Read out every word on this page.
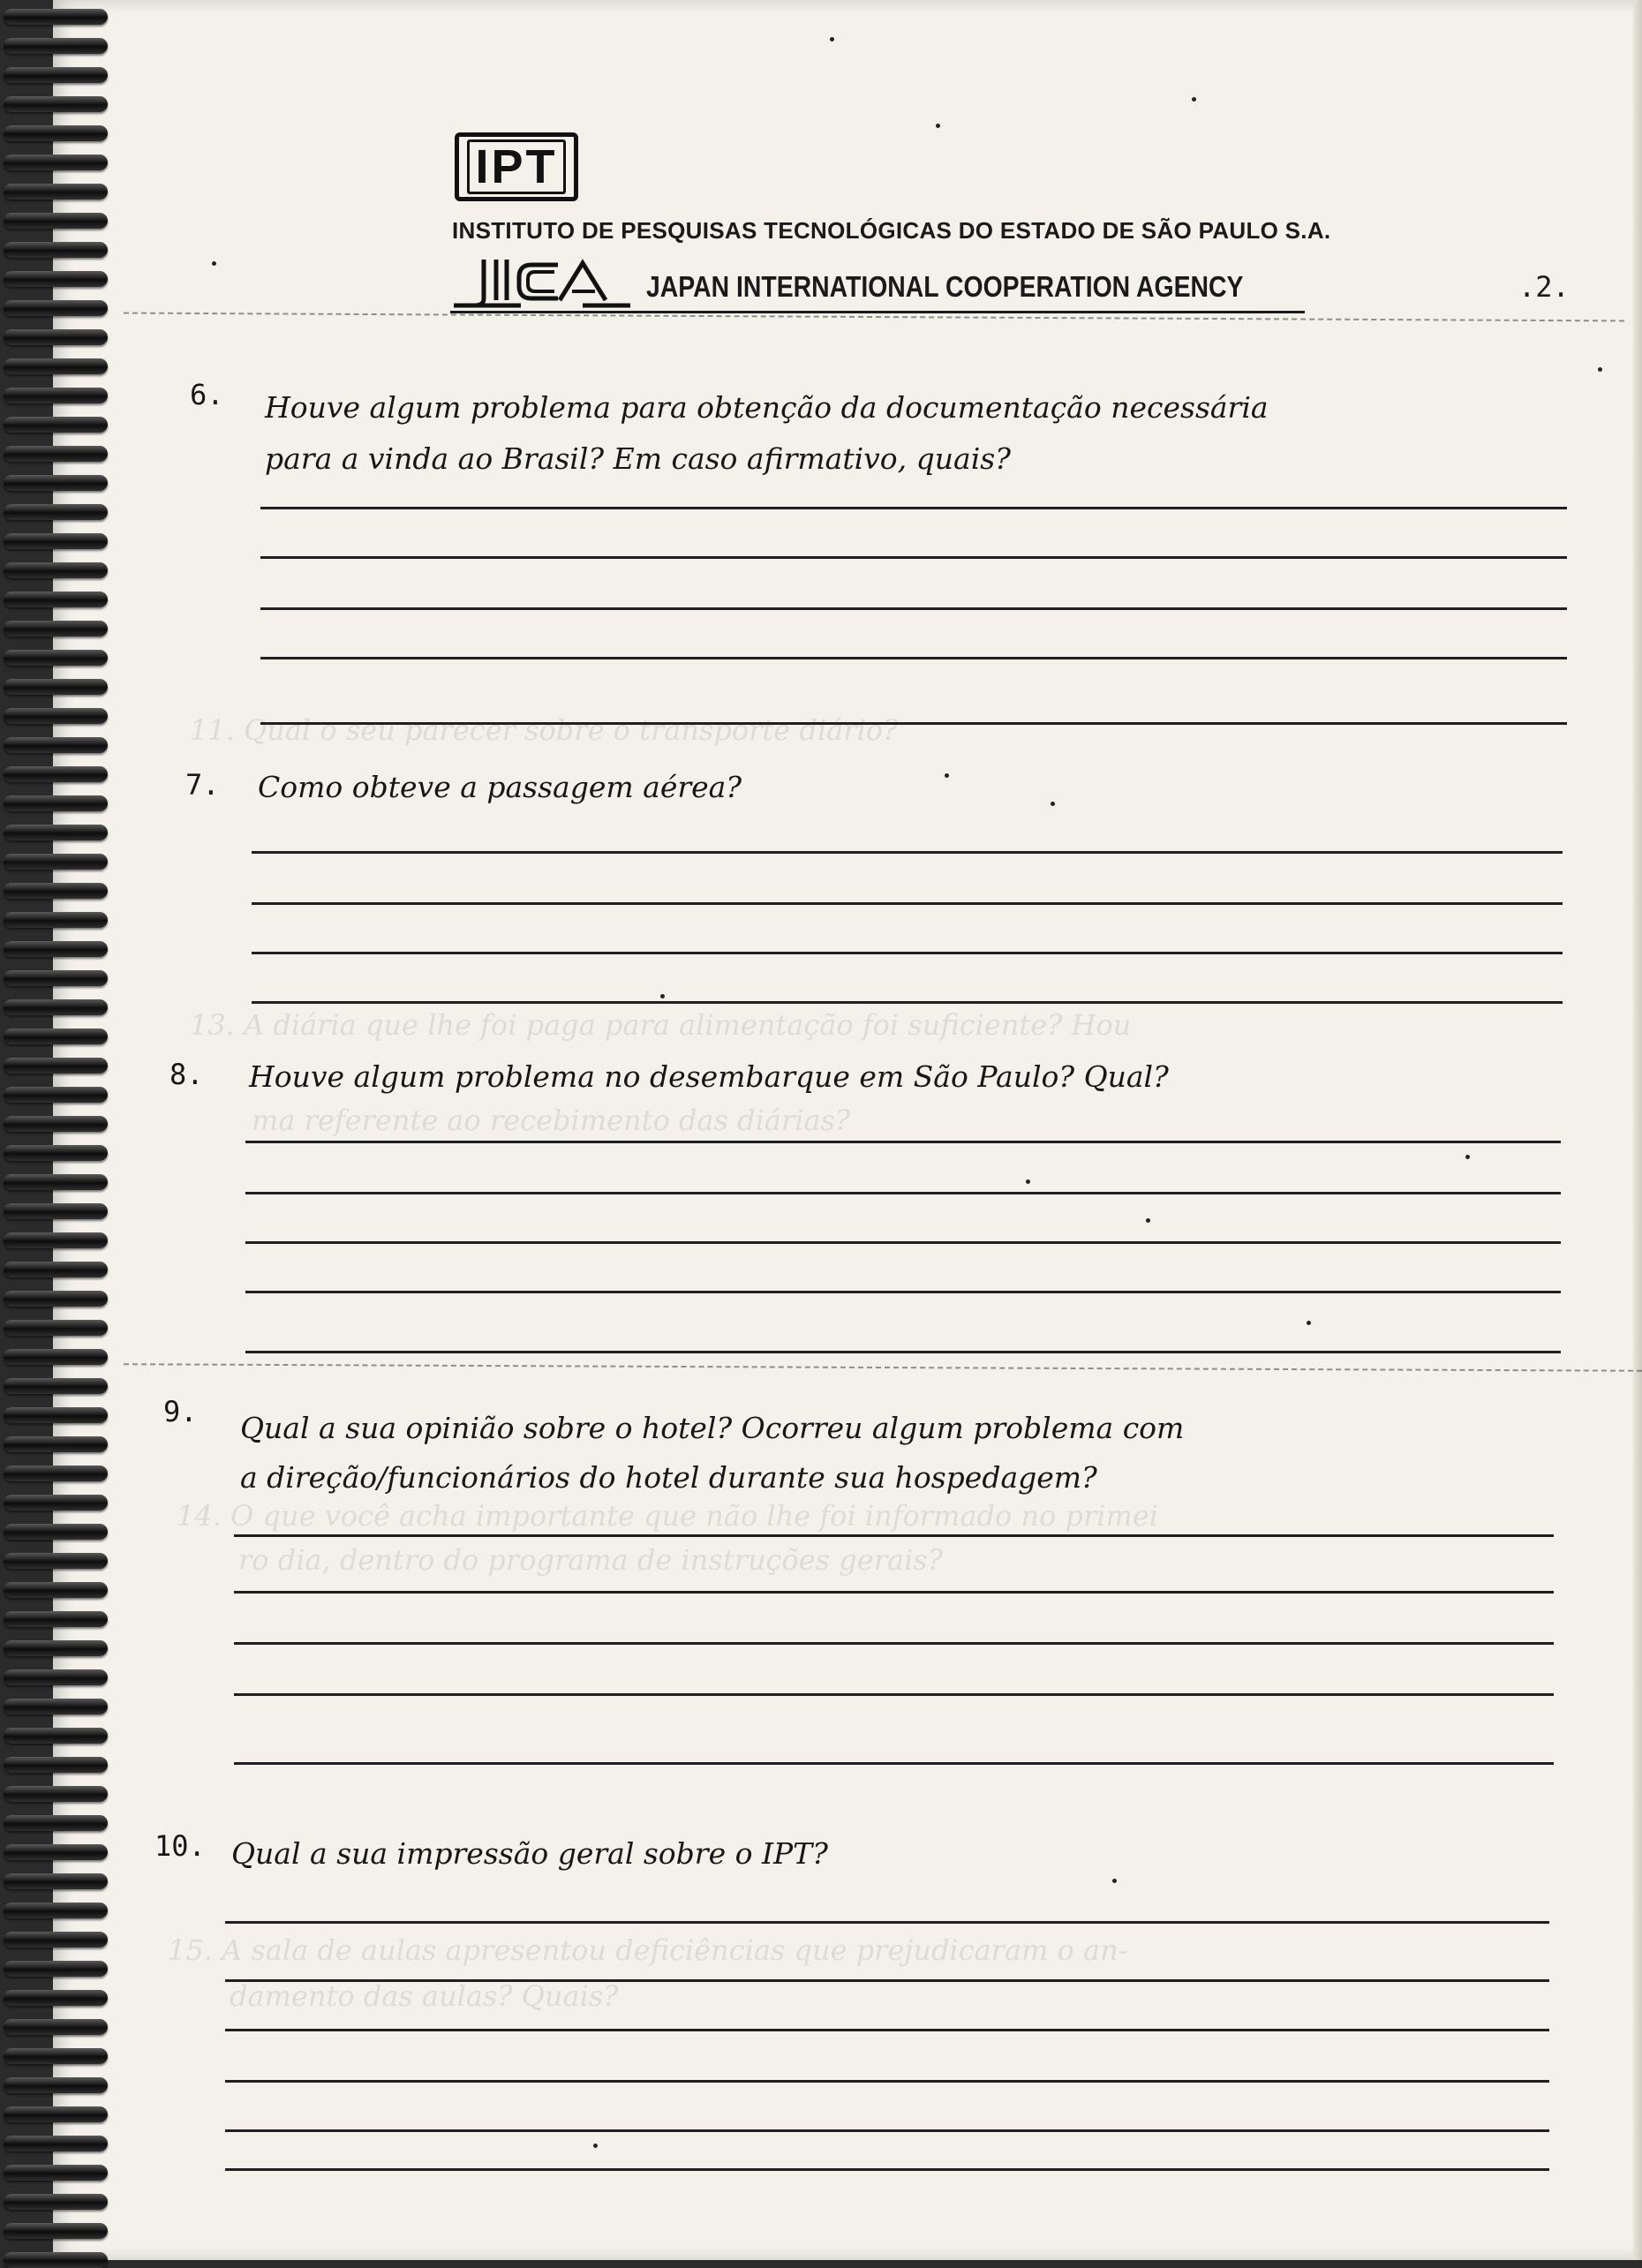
11. Qual o seu parecer sobre o transporte diário?
13. A diária que lhe foi paga para alimentação foi suficiente? Hou
ma referente ao recebimento das diárias?
14. O que você acha importante que não lhe foi informado no primei
ro dia, dentro do programa de instruções gerais?
15. A sala de aulas apresentou deficiências que prejudicaram o an-
damento das aulas? Quais?
IPT
INSTITUTO DE PESQUISAS TECNOLÓGICAS DO ESTADO DE SÃO PAULO S.A.
JAPAN INTERNATIONAL COOPERATION AGENCY	.2.
6. Houve algum problema para obtenção da documentação necessária
para a vinda ao Brasil? Em caso afirmativo, quais?
7. Como obteve a passagem aérea?
8. Houve algum problema no desembarque em São Paulo? Qual?
9. Qual a sua opinião sobre o hotel? Ocorreu algum problema com
a direção/funcionários do hotel durante sua hospedagem?
10. Qual a sua impressão geral sobre o IPT?
